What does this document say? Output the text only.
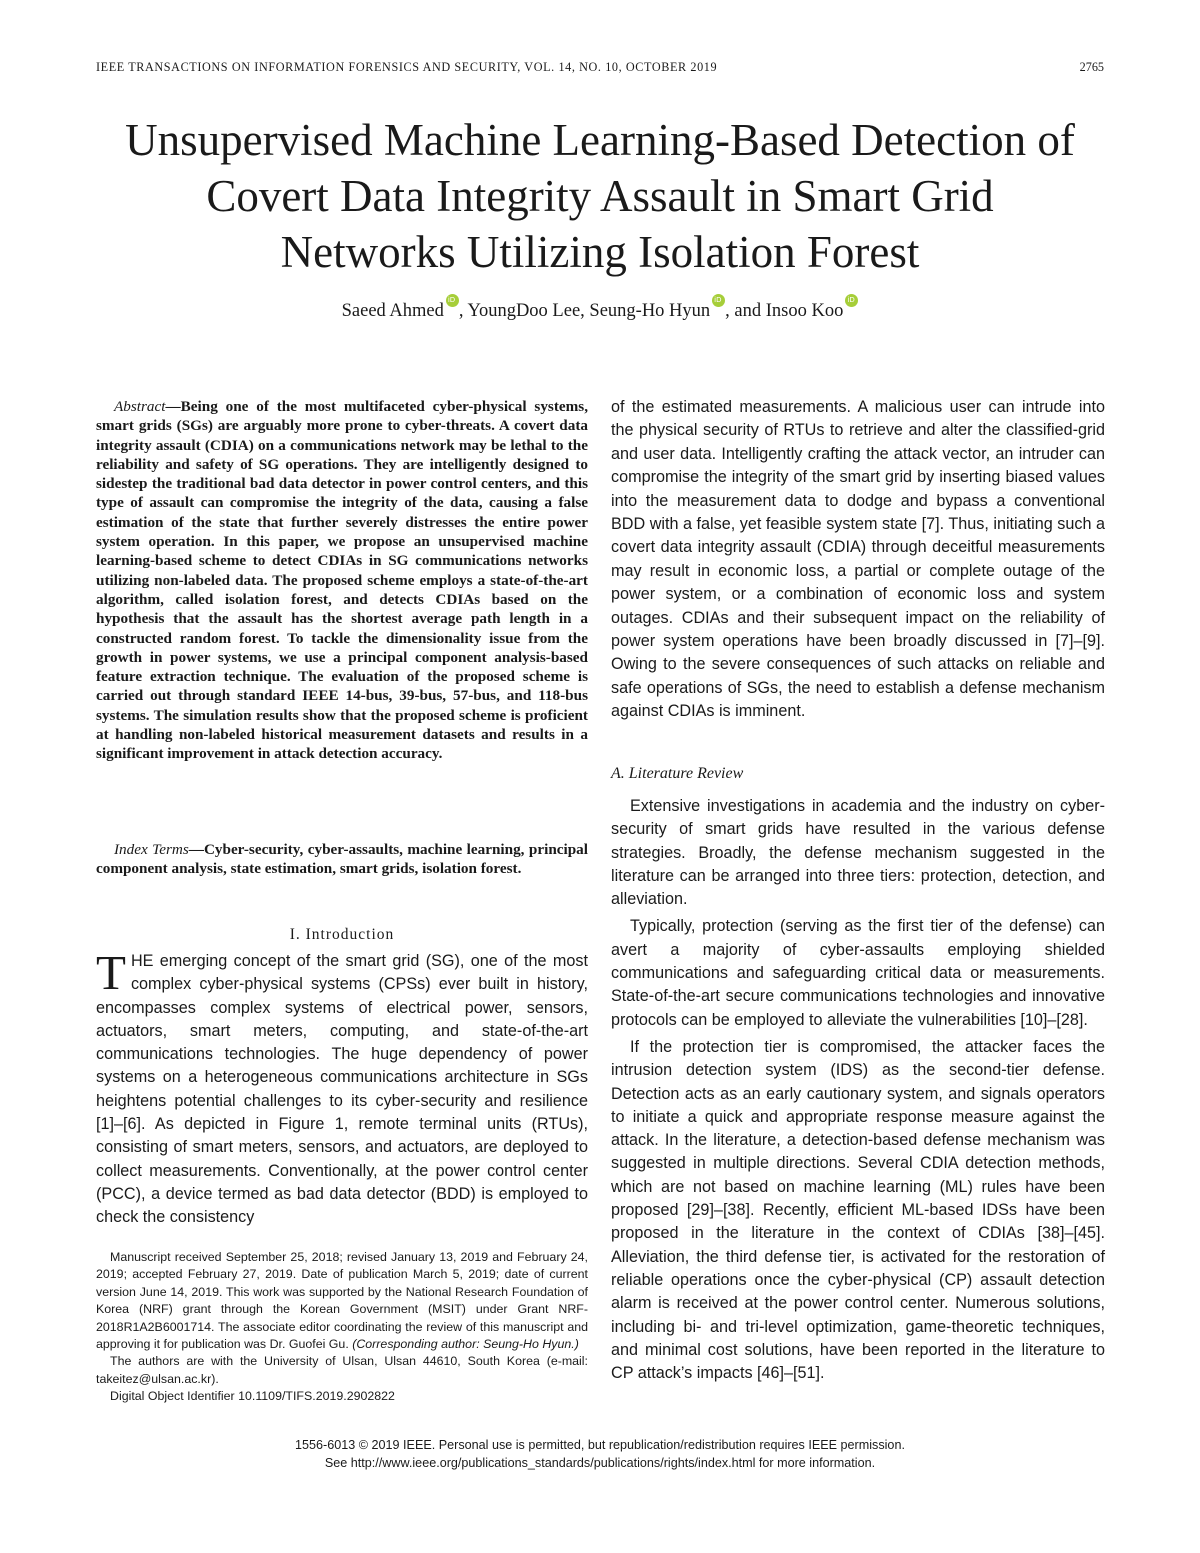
IEEE TRANSACTIONS ON INFORMATION FORENSICS AND SECURITY, VOL. 14, NO. 10, OCTOBER 2019	2765
Unsupervised Machine Learning-Based Detection of
Covert Data Integrity Assault in Smart Grid
Networks Utilizing Isolation Forest
Saeed AhmediD , YoungDoo Lee, Seung-Ho HyuniD , and Insoo KooiD

Abstract—Being one of the most multifaceted cyber-physical systems, smart grids (SGs) are arguably more prone to cyber-threats. A covert data integrity assault (CDIA) on a communications network may be lethal to the reliability and safety of SG operations. They are intelligently designed to sidestep the traditional bad data detector in power control centers, and this type of assault can compromise the integrity of the data, causing a false estimation of the state that further severely distresses the entire power system operation. In this paper, we propose an unsupervised machine learning-based scheme to detect CDIAs in SG communications networks utilizing non-labeled data. The proposed scheme employs a state-of-the-art algorithm, called isolation forest, and detects CDIAs based on the hypothesis that the assault has the shortest average path length in a constructed random forest. To tackle the dimensionality issue from the growth in power systems, we use a principal component analysis-based feature extraction technique. The evaluation of the proposed scheme is carried out through standard IEEE 14-bus, 39-bus, 57-bus, and 118-bus systems. The simulation results show that the proposed scheme is proficient at handling non-labeled historical measurement datasets and results in a significant improvement in attack detection accuracy.

Index Terms—Cyber-security, cyber-assaults, machine learning, principal component analysis, state estimation, smart grids, isolation forest.

I. Introduction

THE emerging concept of the smart grid (SG), one of the most complex cyber-physical systems (CPSs) ever built in history, encompasses complex systems of electrical power, sensors, actuators, smart meters, computing, and state-of-the-art communications technologies. The huge dependency of power systems on a heterogeneous communications architecture in SGs heightens potential challenges to its cyber-security and resilience [1]–[6]. As depicted in Figure 1, remote terminal units (RTUs), consisting of smart meters, sensors, and actuators, are deployed to collect measurements. Conventionally, at the power control center (PCC), a device termed as bad data detector (BDD) is employed to check the consistency

Manuscript received September 25, 2018; revised January 13, 2019 and February 24, 2019; accepted February 27, 2019. Date of publication March 5, 2019; date of current version June 14, 2019. This work was supported by the National Research Foundation of Korea (NRF) grant through the Korean Government (MSIT) under Grant NRF-2018R1A2B6001714. The associate editor coordinating the review of this manuscript and approving it for publication was Dr. Guofei Gu. (Corresponding author: Seung-Ho Hyun.)

The authors are with the University of Ulsan, Ulsan 44610, South Korea (e-mail: takeitez@ulsan.ac.kr).

Digital Object Identifier 10.1109/TIFS.2019.2902822

of the estimated measurements. A malicious user can intrude into the physical security of RTUs to retrieve and alter the classified-grid and user data. Intelligently crafting the attack vector, an intruder can compromise the integrity of the smart grid by inserting biased values into the measurement data to dodge and bypass a conventional BDD with a false, yet feasible system state [7]. Thus, initiating such a covert data integrity assault (CDIA) through deceitful measurements may result in economic loss, a partial or complete outage of the power system, or a combination of economic loss and system outages. CDIAs and their subsequent impact on the reliability of power system operations have been broadly discussed in [7]–[9]. Owing to the severe consequences of such attacks on reliable and safe operations of SGs, the need to establish a defense mechanism against CDIAs is imminent.

A. Literature Review

Extensive investigations in academia and the industry on cyber-security of smart grids have resulted in the various defense strategies. Broadly, the defense mechanism suggested in the literature can be arranged into three tiers: protection, detection, and alleviation.

Typically, protection (serving as the first tier of the defense) can avert a majority of cyber-assaults employing shielded communications and safeguarding critical data or measurements. State-of-the-art secure communications technologies and innovative protocols can be employed to alleviate the vulnerabilities [10]–[28].

If the protection tier is compromised, the attacker faces the intrusion detection system (IDS) as the second-tier defense. Detection acts as an early cautionary system, and signals operators to initiate a quick and appropriate response measure against the attack. In the literature, a detection-based defense mechanism was suggested in multiple directions. Several CDIA detection methods, which are not based on machine learning (ML) rules have been proposed [29]–[38]. Recently, efficient ML-based IDSs have been proposed in the literature in the context of CDIAs [38]–[45]. Alleviation, the third defense tier, is activated for the restoration of reliable operations once the cyber-physical (CP) assault detection alarm is received at the power control center. Numerous solutions, including bi- and tri-level optimization, game-theoretic techniques, and minimal cost solutions, have been reported in the literature to CP attack’s impacts [46]–[51].

1556-6013 © 2019 IEEE. Personal use is permitted, but republication/redistribution requires IEEE permission.
See http://www.ieee.org/publications_standards/publications/rights/index.html for more information.
